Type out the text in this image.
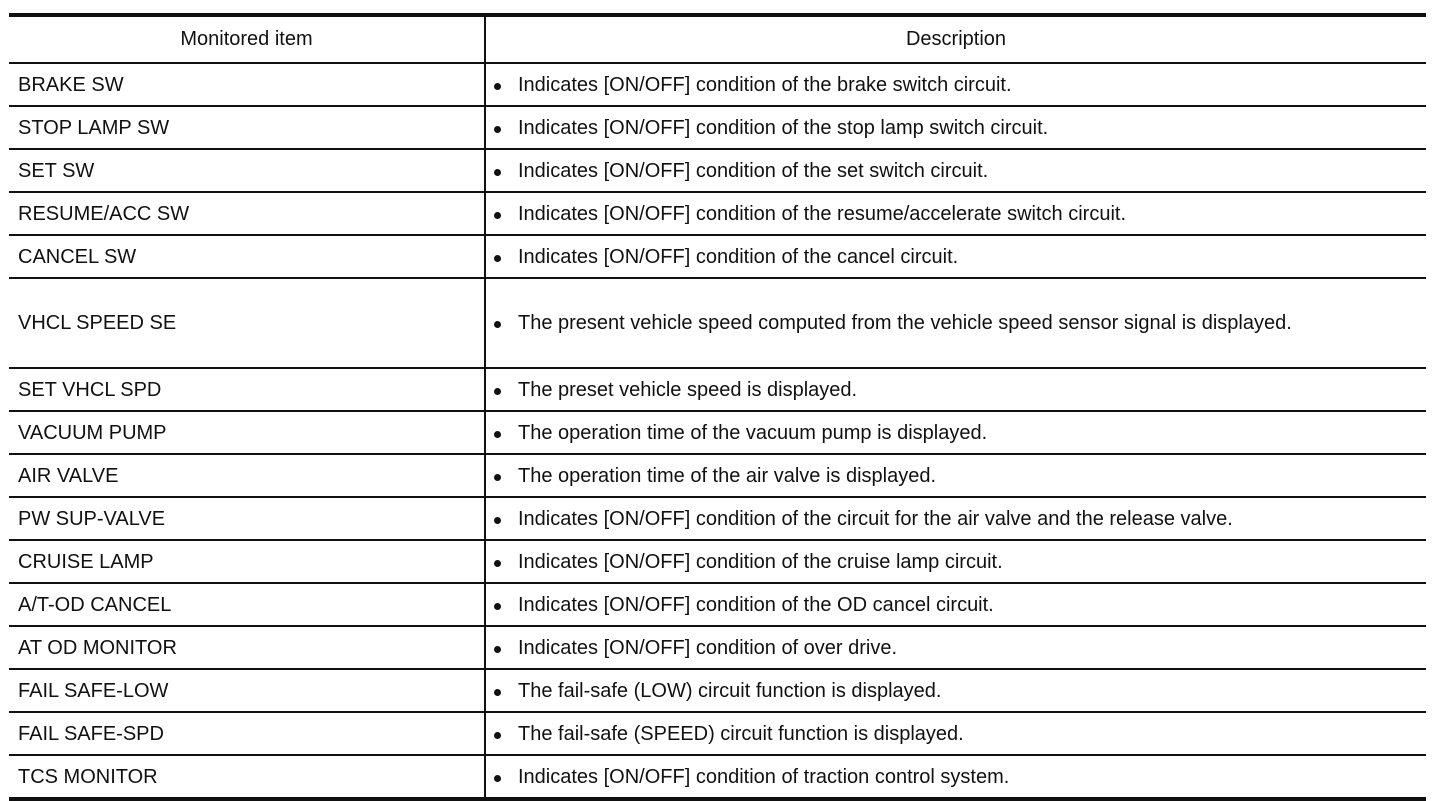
Monitored item	Description
BRAKE SW	Indicates [ON/OFF] condition of the brake switch circuit.

STOP LAMP SW	Indicates [ON/OFF] condition of the stop lamp switch circuit.

SET SW	Indicates [ON/OFF] condition of the set switch circuit.

RESUME/ACC SW	Indicates [ON/OFF] condition of the resume/accelerate switch circuit.

CANCEL SW	Indicates [ON/OFF] condition of the cancel circuit.

VHCL SPEED SE	The present vehicle speed computed from the vehicle speed sensor signal is displayed.

SET VHCL SPD	The preset vehicle speed is displayed.

VACUUM PUMP	The operation time of the vacuum pump is displayed.

AIR VALVE	The operation time of the air valve is displayed.

PW SUP-VALVE	Indicates [ON/OFF] condition of the circuit for the air valve and the release valve.

CRUISE LAMP	Indicates [ON/OFF] condition of the cruise lamp circuit.

A/T-OD CANCEL	Indicates [ON/OFF] condition of the OD cancel circuit.

AT OD MONITOR	Indicates [ON/OFF] condition of over drive.

FAIL SAFE-LOW	The fail-safe (LOW) circuit function is displayed.

FAIL SAFE-SPD	The fail-safe (SPEED) circuit function is displayed.

TCS MONITOR	Indicates [ON/OFF] condition of traction control system.
